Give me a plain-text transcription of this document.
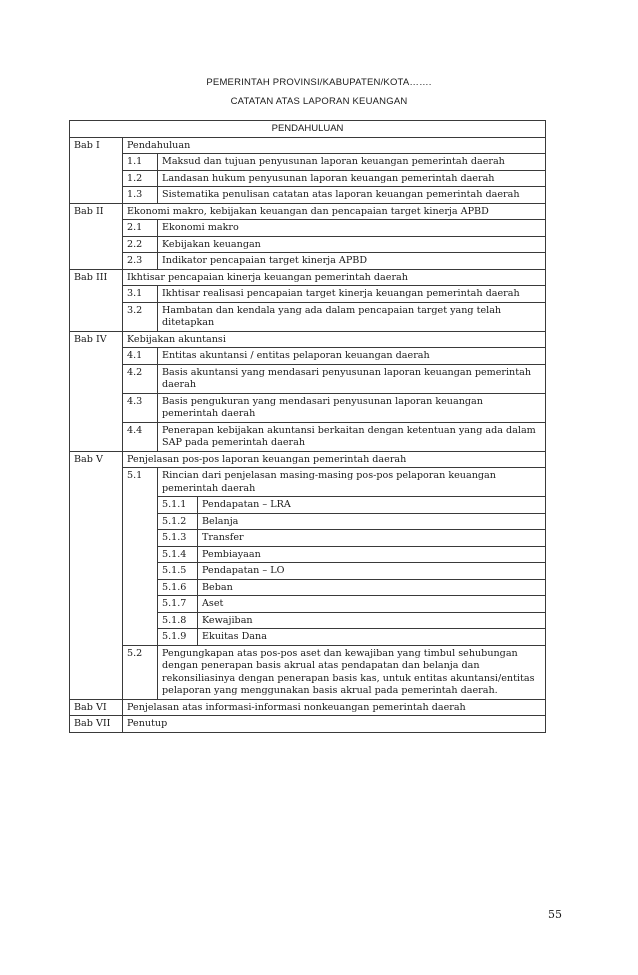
PEMERINTAH PROVINSI/KABUPATEN/KOTA…….
CATATAN ATAS LAPORAN KEUANGAN
PENDAHULUAN			
Bab I	Pendahuluan		
	1.1	Maksud dan tujuan penyusunan laporan keuangan pemerintah daerah	
	1.2	Landasan hukum penyusunan laporan keuangan pemerintah daerah	
	1.3	Sistematika penulisan catatan atas laporan keuangan pemerintah daerah	
Bab II	Ekonomi makro, kebijakan keuangan dan pencapaian target kinerja APBD		
	2.1	Ekonomi makro	
	2.2	Kebijakan keuangan	
	2.3	Indikator pencapaian target kinerja APBD	
Bab III	Ikhtisar pencapaian kinerja keuangan pemerintah daerah		
	3.1	Ikhtisar realisasi pencapaian target kinerja keuangan pemerintah daerah	
	3.2	Hambatan dan kendala yang ada dalam pencapaian target yang telah ditetapkan	
Bab IV	Kebijakan akuntansi		
	4.1	Entitas akuntansi / entitas pelaporan keuangan daerah	
	4.2	Basis akuntansi yang mendasari penyusunan laporan keuangan pemerintah daerah	
	4.3	Basis pengukuran yang mendasari penyusunan laporan keuangan pemerintah daerah	
	4.4	Penerapan kebijakan akuntansi berkaitan dengan ketentuan yang ada dalam SAP pada pemerintah daerah	
Bab V	Penjelasan pos-pos laporan keuangan pemerintah daerah		
	5.1	Rincian dari penjelasan masing-masing pos-pos pelaporan keuangan pemerintah daerah	
		5.1.1	Pendapatan – LRA
		5.1.2	Belanja
		5.1.3	Transfer
		5.1.4	Pembiayaan
		5.1.5	Pendapatan – LO
		5.1.6	Beban
		5.1.7	Aset
		5.1.8	Kewajiban
		5.1.9	Ekuitas Dana
	5.2	Pengungkapan atas pos-pos aset dan kewajiban yang timbul sehubungan dengan penerapan basis akrual atas pendapatan dan belanja dan rekonsiliasinya dengan penerapan basis kas, untuk entitas akuntansi/entitas pelaporan yang menggunakan basis akrual pada pemerintah daerah.	
Bab VI	Penjelasan atas informasi-informasi nonkeuangan pemerintah daerah		
Bab VII	Penutup		
55
